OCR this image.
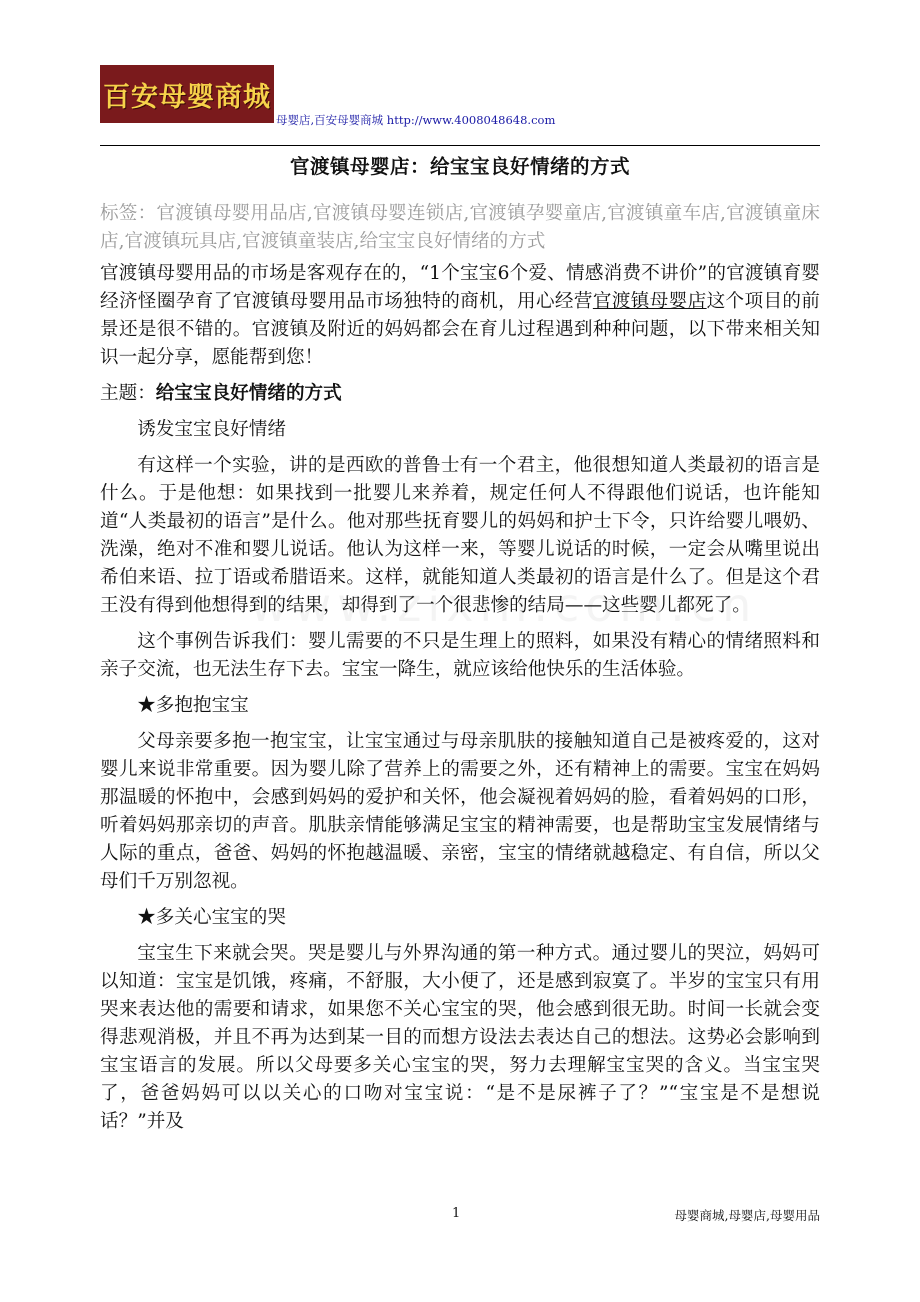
百安母婴商城
母婴店,百安母婴商城 http://www.4008048648.com
官渡镇母婴店：给宝宝良好情绪的方式

标签：官渡镇母婴用品店,官渡镇母婴连锁店,官渡镇孕婴童店,官渡镇童车店,官渡镇童床店,官渡镇玩具店,官渡镇童装店,给宝宝良好情绪的方式

官渡镇母婴用品的市场是客观存在的，“1个宝宝6个爱、情感消费不讲价”的官渡镇育婴经济怪圈孕育了官渡镇母婴用品市场独特的商机，用心经营官渡镇母婴店这个项目的前景还是很不错的。官渡镇及附近的妈妈都会在育儿过程遇到种种问题，以下带来相关知识一起分享，愿能帮到您！

主题：给宝宝良好情绪的方式

诱发宝宝良好情绪

有这样一个实验，讲的是西欧的普鲁士有一个君主，他很想知道人类最初的语言是什么。于是他想：如果找到一批婴儿来养着，规定任何人不得跟他们说话，也许能知道“人类最初的语言”是什么。他对那些抚育婴儿的妈妈和护士下令，只许给婴儿喂奶、洗澡，绝对不准和婴儿说话。他认为这样一来，等婴儿说话的时候，一定会从嘴里说出希伯来语、拉丁语或希腊语来。这样，就能知道人类最初的语言是什么了。但是这个君王没有得到他想得到的结果，却得到了一个很悲惨的结局——这些婴儿都死了。

这个事例告诉我们：婴儿需要的不只是生理上的照料，如果没有精心的情绪照料和亲子交流，也无法生存下去。宝宝一降生，就应该给他快乐的生活体验。

★多抱抱宝宝

父母亲要多抱一抱宝宝，让宝宝通过与母亲肌肤的接触知道自己是被疼爱的，这对婴儿来说非常重要。因为婴儿除了营养上的需要之外，还有精神上的需要。宝宝在妈妈那温暖的怀抱中，会感到妈妈的爱护和关怀，他会凝视着妈妈的脸，看着妈妈的口形，听着妈妈那亲切的声音。肌肤亲情能够满足宝宝的精神需要，也是帮助宝宝发展情绪与人际的重点，爸爸、妈妈的怀抱越温暖、亲密，宝宝的情绪就越稳定、有自信，所以父母们千万别忽视。

★多关心宝宝的哭

宝宝生下来就会哭。哭是婴儿与外界沟通的第一种方式。通过婴儿的哭泣，妈妈可以知道：宝宝是饥饿，疼痛，不舒服，大小便了，还是感到寂寞了。半岁的宝宝只有用哭来表达他的需要和请求，如果您不关心宝宝的哭，他会感到很无助。时间一长就会变得悲观消极，并且不再为达到某一目的而想方设法去表达自己的想法。这势必会影响到宝宝语言的发展。所以父母要多关心宝宝的哭，努力去理解宝宝哭的含义。当宝宝哭了，爸爸妈妈可以以关心的口吻对宝宝说：“是不是尿裤子了？”“宝宝是不是想说话？”并及

1	母婴商城,母婴店,母婴用品
